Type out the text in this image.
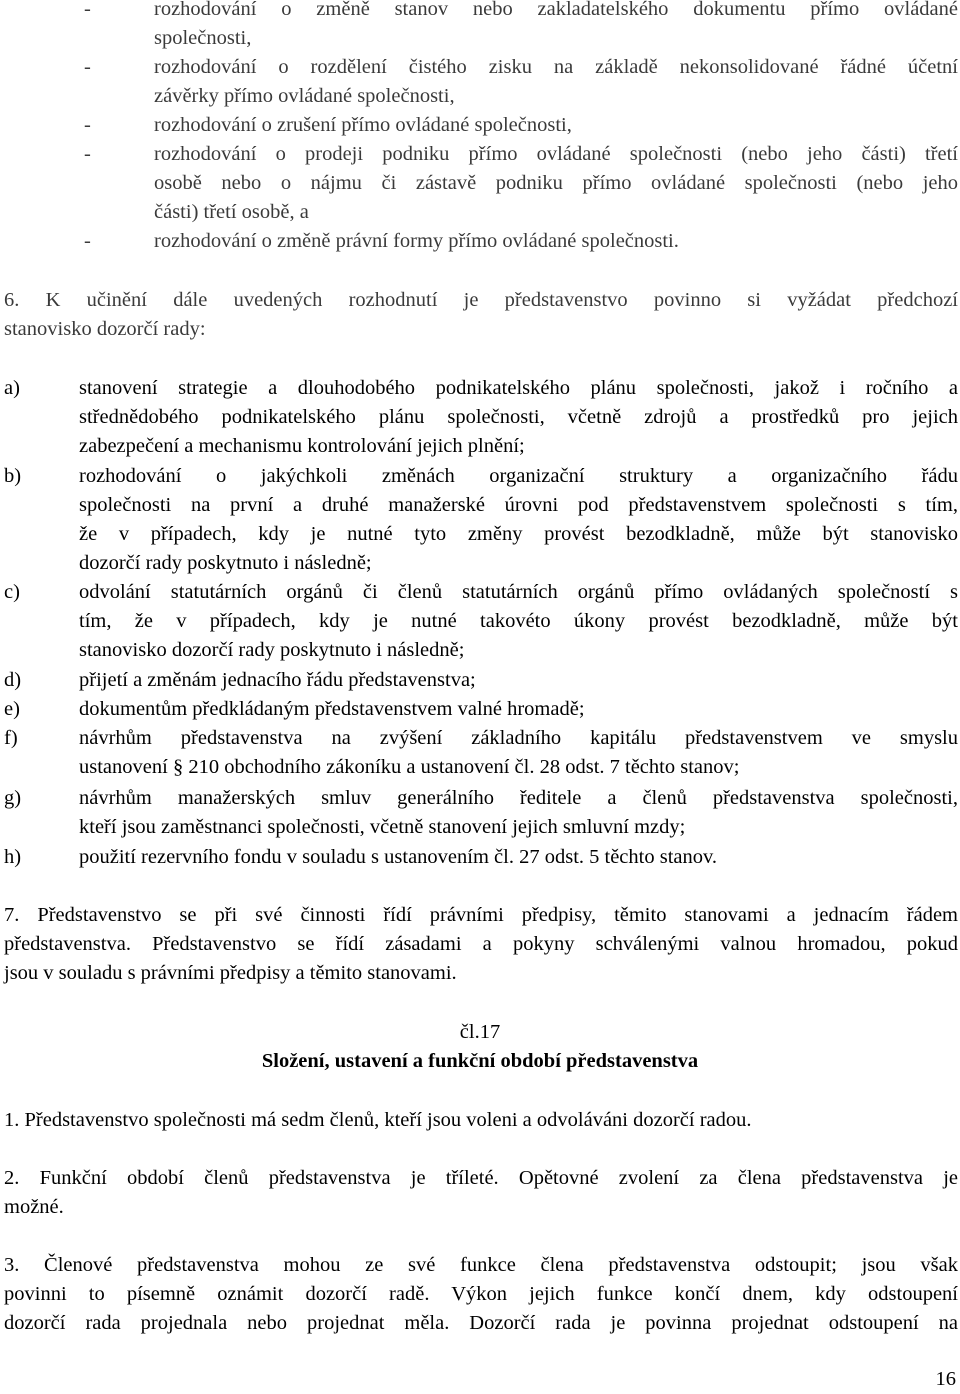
-	rozhodování o změně stanov nebo zakladatelského dokumentu přímo ovládané
společnosti,
-	rozhodování o rozdělení čistého zisku na základě nekonsolidované řádné účetní
závěrky přímo ovládané společnosti,
-	rozhodování o zrušení přímo ovládané společnosti,
-	rozhodování o prodeji podniku přímo ovládané společnosti (nebo jeho části) třetí
osobě nebo o nájmu či zástavě podniku přímo ovládané společnosti (nebo jeho
části) třetí osobě, a
-	rozhodování o změně právní formy přímo ovládané společnosti.
6. K učinění dále uvedených rozhodnutí je představenstvo povinno si vyžádat předchozí
stanovisko dozorčí rady:
a)	stanovení strategie a dlouhodobého podnikatelského plánu společnosti, jakož i ročního a
střednědobého podnikatelského plánu společnosti, včetně zdrojů a prostředků pro jejich
zabezpečení a mechanismu kontrolování jejich plnění;
b)	rozhodování o jakýchkoli změnách organizační struktury a organizačního řádu
společnosti na první a druhé manažerské úrovni pod představenstvem společnosti s tím,
že v případech, kdy je nutné tyto změny provést bezodkladně, může být stanovisko
dozorčí rady poskytnuto i následně;
c)	odvolání statutárních orgánů či členů statutárních orgánů přímo ovládaných společností s
tím, že v případech, kdy je nutné takovéto úkony provést bezodkladně, může být
stanovisko dozorčí rady poskytnuto i následně;
d)	přijetí a změnám jednacího řádu představenstva;
e)	dokumentům předkládaným představenstvem valné hromadě;
f)	návrhům představenstva na zvýšení základního kapitálu představenstvem ve smyslu
ustanovení § 210 obchodního zákoníku a ustanovení čl. 28 odst. 7 těchto stanov;
g)	návrhům manažerských smluv generálního ředitele a členů představenstva společnosti,
kteří jsou zaměstnanci společnosti, včetně stanovení jejich smluvní mzdy;
h)	použití rezervního fondu v souladu s ustanovením čl. 27 odst. 5 těchto stanov.
7. Představenstvo se při své činnosti řídí právními předpisy, těmito stanovami a jednacím řádem
představenstva. Představenstvo se řídí zásadami a pokyny schválenými valnou hromadou, pokud
jsou v souladu s právními předpisy a těmito stanovami.
čl.17
Složení, ustavení a funkční období představenstva
1. Představenstvo společnosti má sedm členů, kteří jsou voleni a odvoláváni dozorčí radou.
2. Funkční období členů představenstva je tříleté. Opětovné zvolení za člena představenstva je
možné.
3. Členové představenstva mohou ze své funkce člena představenstva odstoupit; jsou však
povinni to písemně oznámit dozorčí radě. Výkon jejich funkce končí dnem, kdy odstoupení
dozorčí rada projednala nebo projednat měla. Dozorčí rada je povinna projednat odstoupení na
16
